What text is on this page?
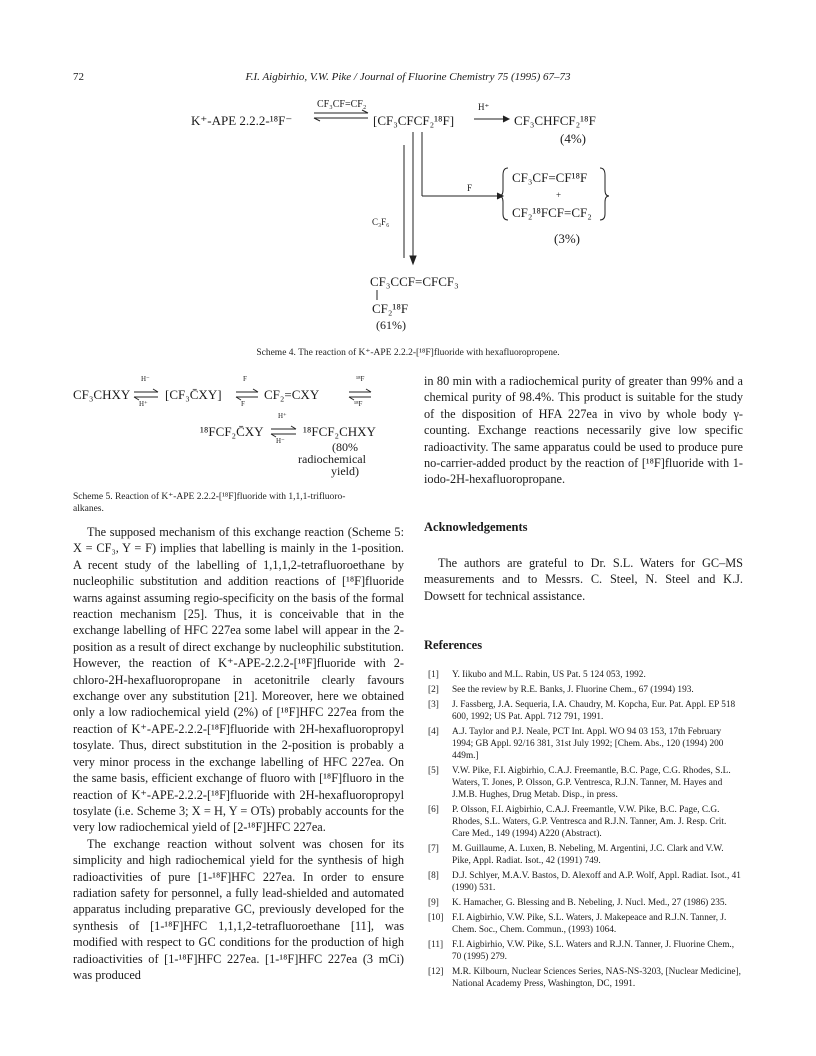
72	F.I. Aigbirhio, V.W. Pike / Journal of Fluorine Chemistry 75 (1995) 67–73
K⁺-APE 2.2.2-¹⁸F⁻
CF₃CF=CF₂
[CF₃CFCF₂¹⁸F]
H⁺
CF₃CHFCF₂¹⁸F
(4%)
F
CF₃CF=CF¹⁸F
+
CF₂¹⁸FCF=CF₂
(3%)
C₃F₆
CF₃CCF=CFCF₃
CF₂¹⁸F
(61%)
Scheme 4. The reaction of K⁺-APE 2.2.2-[¹⁸F]fluoride with hexafluoropropene.
CF₃CHXY
H⁻
H⁺
[CF₃C̄XY]
F
F
CF₂=CXY
¹⁸F
¹⁸F
¹⁸FCF₂C̄XY
H⁺
H⁻
¹⁸FCF₂CHXY
(80%
radiochemical
yield)
Scheme 5. Reaction of K⁺-APE 2.2.2-[¹⁸F]fluoride with 1,1,1-trifluoro-
alkanes.

The supposed mechanism of this exchange reaction (Scheme 5: X = CF₃, Y = F) implies that labelling is mainly in the 1-position. A recent study of the labelling of 1,1,1,2-tetrafluoroethane by nucleophilic substitution and addition reactions of [¹⁸F]fluoride warns against assuming regio-specificity on the basis of the formal reaction mechanism [25]. Thus, it is conceivable that in the exchange labelling of HFC 227ea some label will appear in the 2-position as a result of direct exchange by nucleophilic substitution. However, the reaction of K⁺-APE-2.2.2-[¹⁸F]fluoride with 2-chloro-2H-hexafluoropropane in acetonitrile clearly favours exchange over any substitution [21]. Moreover, here we obtained only a low radiochemical yield (2%) of [¹⁸F]HFC 227ea from the reaction of K⁺-APE-2.2.2-[¹⁸F]fluoride with 2H-hexafluoropropyl tosylate. Thus, direct substitution in the 2-position is probably a very minor process in the exchange labelling of HFC 227ea. On the same basis, efficient exchange of fluoro with [¹⁸F]fluoro in the reaction of K⁺-APE-2.2.2-[¹⁸F]fluoride with 2H-hexafluoropropyl tosylate (i.e. Scheme 3; X = H, Y = OTs) probably accounts for the very low radiochemical yield of [2-¹⁸F]HFC 227ea.

The exchange reaction without solvent was chosen for its simplicity and high radiochemical yield for the synthesis of high radioactivities of pure [1-¹⁸F]HFC 227ea. In order to ensure radiation safety for personnel, a fully lead-shielded and automated apparatus including preparative GC, previously developed for the synthesis of [1-¹⁸F]HFC 1,1,1,2-tetrafluoroethane [11], was modified with respect to GC conditions for the production of high radioactivities of [1-¹⁸F]HFC 227ea. [1-¹⁸F]HFC 227ea (3 mCi) was produced

in 80 min with a radiochemical purity of greater than 99% and a chemical purity of 98.4%. This product is suitable for the study of the disposition of HFA 227ea in vivo by whole body γ-counting. Exchange reactions necessarily give low specific radioactivity. The same apparatus could be used to produce pure no-carrier-added product by the reaction of [¹⁸F]fluoride with 1-iodo-2H-hexafluoropropane.

Acknowledgements

The authors are grateful to Dr. S.L. Waters for GC–MS measurements and to Messrs. C. Steel, N. Steel and K.J. Dowsett for technical assistance.

References
[1]	Y. Iikubo and M.L. Rabin, US Pat. 5 124 053, 1992.
[2]	See the review by R.E. Banks, J. Fluorine Chem., 67 (1994) 193.
[3]	J. Fassberg, J.A. Sequeria, I.A. Chaudry, M. Kopcha, Eur. Pat. Appl. EP 518 600, 1992; US Pat. Appl. 712 791, 1991.
[4]	A.J. Taylor and P.J. Neale, PCT Int. Appl. WO 94 03 153, 17th February 1994; GB Appl. 92/16 381, 31st July 1992; [Chem. Abs., 120 (1994) 200 449m.]
[5]	V.W. Pike, F.I. Aigbirhio, C.A.J. Freemantle, B.C. Page, C.G. Rhodes, S.L. Waters, T. Jones, P. Olsson, G.P. Ventresca, R.J.N. Tanner, M. Hayes and J.M.B. Hughes, Drug Metab. Disp., in press.
[6]	P. Olsson, F.I. Aigbirhio, C.A.J. Freemantle, V.W. Pike, B.C. Page, C.G. Rhodes, S.L. Waters, G.P. Ventresca and R.J.N. Tanner, Am. J. Resp. Crit. Care Med., 149 (1994) A220 (Abstract).
[7]	M. Guillaume, A. Luxen, B. Nebeling, M. Argentini, J.C. Clark and V.W. Pike, Appl. Radiat. Isot., 42 (1991) 749.
[8]	D.J. Schlyer, M.A.V. Bastos, D. Alexoff and A.P. Wolf, Appl. Radiat. Isot., 41 (1990) 531.
[9]	K. Hamacher, G. Blessing and B. Nebeling, J. Nucl. Med., 27 (1986) 235.
[10] F.I. Aigbirhio, V.W. Pike, S.L. Waters, J. Makepeace and R.J.N. Tanner, J. Chem. Soc., Chem. Commun., (1993) 1064.
[11] F.I. Aigbirhio, V.W. Pike, S.L. Waters and R.J.N. Tanner, J. Fluorine Chem., 70 (1995) 279.
[12] M.R. Kilbourn, Nuclear Sciences Series, NAS-NS-3203, [Nuclear Medicine], National Academy Press, Washington, DC, 1991.
